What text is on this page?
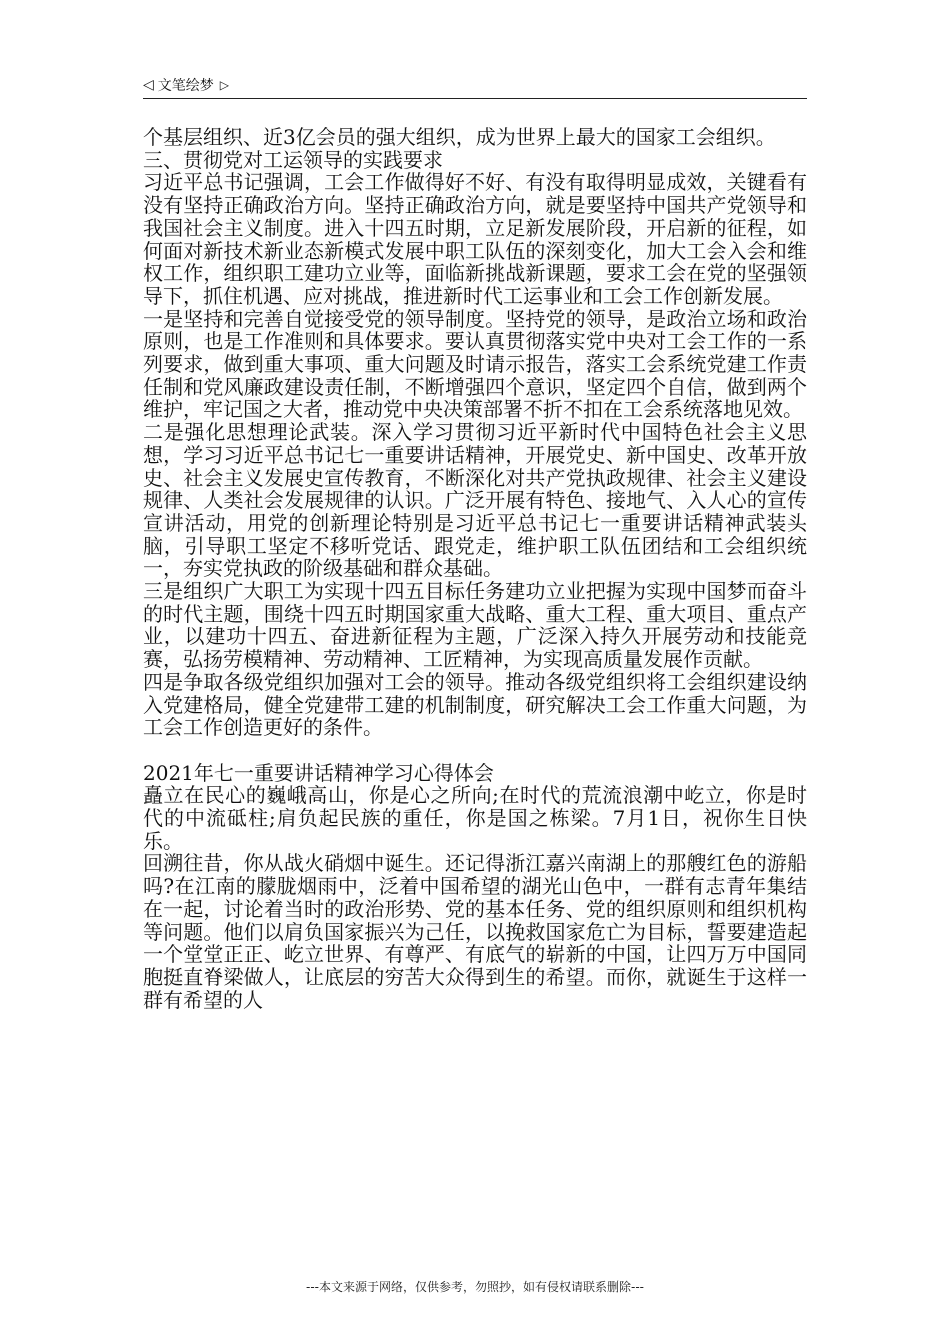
◁ 文笔绘梦 ▷

个基层组织、近3亿会员的强大组织，成为世界上最大的国家工会组织。

三、贯彻党对工运领导的实践要求

习近平总书记强调，工会工作做得好不好、有没有取得明显成效，关键看有没有坚持正确政治方向。坚持正确政治方向，就是要坚持中国共产党领导和我国社会主义制度。进入十四五时期，立足新发展阶段，开启新的征程，如何面对新技术新业态新模式发展中职工队伍的深刻变化，加大工会入会和维权工作，组织职工建功立业等，面临新挑战新课题，要求工会在党的坚强领导下，抓住机遇、应对挑战，推进新时代工运事业和工会工作创新发展。

一是坚持和完善自觉接受党的领导制度。坚持党的领导，是政治立场和政治原则，也是工作准则和具体要求。要认真贯彻落实党中央对工会工作的一系列要求，做到重大事项、重大问题及时请示报告，落实工会系统党建工作责任制和党风廉政建设责任制，不断增强四个意识，坚定四个自信，做到两个维护，牢记国之大者，推动党中央决策部署不折不扣在工会系统落地见效。

二是强化思想理论武装。深入学习贯彻习近平新时代中国特色社会主义思想，学习习近平总书记七一重要讲话精神，开展党史、新中国史、改革开放史、社会主义发展史宣传教育，不断深化对共产党执政规律、社会主义建设规律、人类社会发展规律的认识。广泛开展有特色、接地气、入人心的宣传宣讲活动，用党的创新理论特别是习近平总书记七一重要讲话精神武装头脑，引导职工坚定不移听党话、跟党走，维护职工队伍团结和工会组织统一，夯实党执政的阶级基础和群众基础。

三是组织广大职工为实现十四五目标任务建功立业把握为实现中国梦而奋斗的时代主题，围绕十四五时期国家重大战略、重大工程、重大项目、重点产业，以建功十四五、奋进新征程为主题，广泛深入持久开展劳动和技能竞赛，弘扬劳模精神、劳动精神、工匠精神，为实现高质量发展作贡献。

四是争取各级党组织加强对工会的领导。推动各级党组织将工会组织建设纳入党建格局，健全党建带工建的机制制度，研究解决工会工作重大问题，为工会工作创造更好的条件。

2021年七一重要讲话精神学习心得体会

矗立在民心的巍峨高山，你是心之所向;在时代的荒流浪潮中屹立，你是时代的中流砥柱;肩负起民族的重任，你是国之栋梁。7月1日，祝你生日快乐。

回溯往昔，你从战火硝烟中诞生。还记得浙江嘉兴南湖上的那艘红色的游船吗?在江南的朦胧烟雨中，泛着中国希望的湖光山色中，一群有志青年集结在一起，讨论着当时的政治形势、党的基本任务、党的组织原则和组织机构等问题。他们以肩负国家振兴为己任，以挽救国家危亡为目标，誓要建造起一个堂堂正正、屹立世界、有尊严、有底气的崭新的中国，让四万万中国同胞挺直脊梁做人，让底层的穷苦大众得到生的希望。而你，就诞生于这样一群有希望的人

---本文来源于网络，仅供参考，勿照抄，如有侵权请联系删除---
